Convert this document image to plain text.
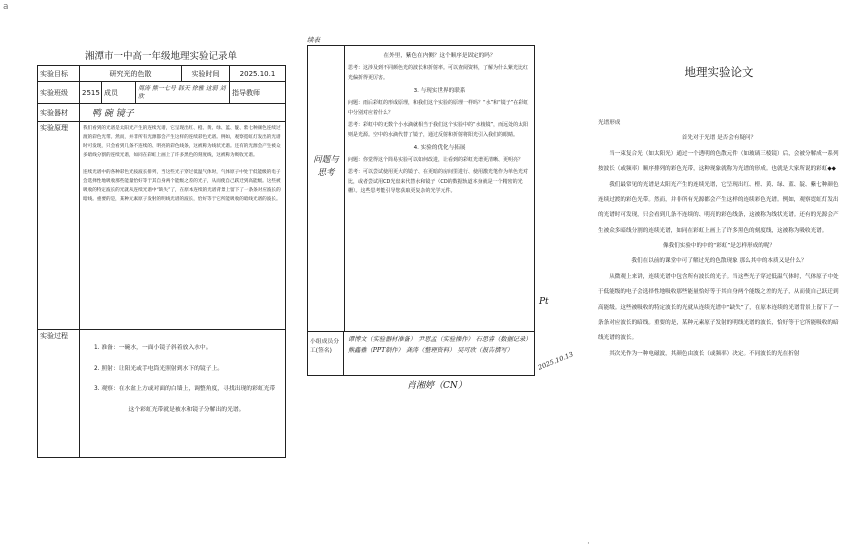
a
·
湘潭市一中高一年级地理实验记录单
实验目标	研究光的色散			实验时间	2025.10.1
实验班级	2515	成员	周涛 熊一七号 韩天 徐雅 这弱 刘欣		指导教师
实验器材	鸭 碗 镜子				
实验原理	我们看到的光谱是太阳光产生的连续光谱，它呈现出红、橙、黄、绿、蓝、靛、紫七种颜色连续过渡的彩色光带。然而，并非所有光源都会产生这样的连续彩色光谱。例如，观察霓虹灯发出的光谱时可发现，只会看到几条不连续的、明亮的彩色线条，这被称为线状光谱。还有的光源会产生被众多暗线分割的连续光谱，如同在彩虹上画上了许多黑色的刻度线，这被称为吸收光谱。

连续光谱中的各种彩色光按波长排列，当这些光子穿过低温气体时，气体原子中处于低能级的电子会选择性地吸收那些能量恰好等于其自身两个能级之差的光子，从而使自己跃迁到高能级。这些被吸收的特定波长的光就从连续光谱中“缺失”了，在原本连续的光谱背景上留下了一条条对应波长的暗线。重要的是，某种元素原子发射的明线光谱的波长，恰好等于它所能吸收的暗线光谱的波长。				

实验过程	1. 准备：一碗水，一面小镜子斜着放入水中。

2. 照射：让阳光或手电筒光照射到水下的镜子上。

3. 观察：在水盆上方或对面的白墙上，调整角度，寻找出现的彩虹光带

这个彩虹光带就是被水和镜子分解出的光谱。				

续表
问题与思考

在外里，紫色在内侧？这个顺序是固定的吗？

思考：这涉及到不同颜色光的波长和折射率。可以查阅资料，了解为什么紫光比红光偏折得更厉害。

3. 与现实世界的联系

问题：雨后彩虹的形成原理，和我们这个实验的原理一样吗？“水”和“镜子”在彩虹中分别对应着什么？

思考：彩虹中的无数个小水滴就相当于我们这个实验中的“水棱镜”，而远处的太阳则是光源。空中的水滴代替了镜子，通过反射和折射将阳光引入我们的眼睛。

4. 实验的优化与拓展

问题：你觉得这个简易实验可以如何改进，让看到的彩虹光谱更清晰、更明亮？

思考：可以尝试使用更大的镜子、在更暗的房间里进行、使用激光笔作为单色光对比，或者尝试用CD光盘来代替水和镜子（CD的数据轨道本身就是一个精密的光栅）。这些思考能引导您获取更复杂的光学元件。

小组成员分工(签名)
谭博文（实验器材准备） 尹思孟（实验操作） 石思睿（数据记录）
熊鑫雅（PPT制作） 龚涛（整理资料） 吴可欣（报告撰写）
肖湘婷（CN）
2025.10.13
Pt
地理实验论文

光谱形成

首先对于光谱 是否会有疑问？

当一束复合光（如太阳光）通过一个透明的色散元件（如玻璃三棱镜）后，会被分解成一系列按波长（或频率）顺序排列的彩色光带，这种现象就称为光谱的形成。也就是大家所说的彩虹◆◆

我们最常见的光谱是太阳光产生的连续光谱，它呈现出红、橙、黄、绿、蓝、靛、紫七种颜色连续过渡的彩色光带。然而，并非所有光源都会产生这样的连续彩色光谱。例如，观察霓虹灯发出的光谱时可发现，只会看到几条不连续的、明亮的彩色线条，这被称为线状光谱。还有的光源会产生被众多暗线分割的连续光谱，如同在彩虹上画上了许多黑色的刻度线，这被称为吸收光谱。

像我们实验中的中的“彩虹”是怎样形成的呢？

我们在以前的课堂中可了解过光的色散现象 那么其中的本质又是什么？

从微观上来讲，连续光谱中包含所有波长的光子。当这些光子穿过低温气体时，气体原子中处于低能级的电子会选择性地吸收那些能量恰好等于其自身两个能级之差的光子，从而使自己跃迁到高能级。这些被吸收的特定波长的光就从连续光谱中“缺失”了，在原本连续的光谱背景上留下了一条条对应波长的暗线。重要的是，某种元素原子发射的明线光谱的波长，恰好等于它所能吸收的暗线光谱的波长。

其次光作为一种电磁波，其颜色由波长（或频率）决定。不同波长的光在折射
